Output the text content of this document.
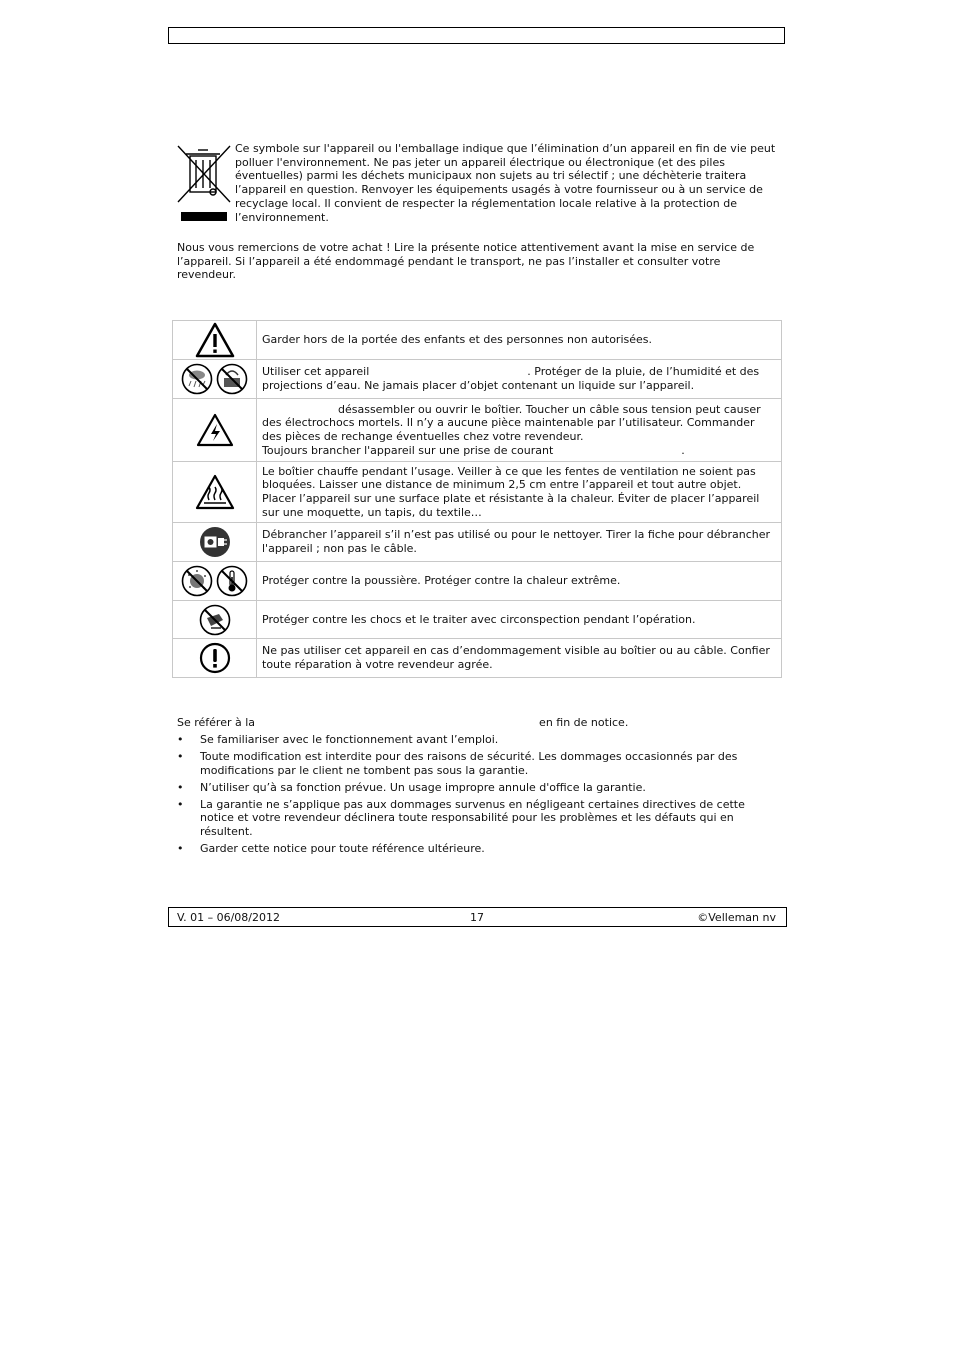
Ce symbole sur l'appareil ou l'emballage indique que l’élimination d’un appareil en fin de vie peut polluer l'environnement. Ne pas jeter un appareil électrique ou électronique (et des piles éventuelles) parmi les déchets municipaux non sujets au tri sélectif ; une déchèterie traitera l’appareil en question. Renvoyer les équipements usagés à votre fournisseur ou à un service de recyclage local. Il convient de respecter la réglementation locale relative à la protection de l’environnement.
Nous vous remercions de votre achat ! Lire la présente notice attentivement avant la mise en service de l’appareil. Si l’appareil a été endommagé pendant le transport, ne pas l’installer et consulter votre revendeur.
	Garder hors de la portée des enfants et des personnes non autorisées.
	Utiliser cet appareil . Protéger de la pluie, de l’humidité et des projections d’eau. Ne jamais placer d’objet contenant un liquide sur l’appareil.
	désassembler ou ouvrir le boîtier. Toucher un câble sous tension peut causer des électrochocs mortels. Il n’y a aucune pièce maintenable par l’utilisateur. Commander des pièces de rechange éventuelles chez votre revendeur.
Toujours brancher l'appareil sur une prise de courant .
	Le boîtier chauffe pendant l’usage. Veiller à ce que les fentes de ventilation ne soient pas bloquées. Laisser une distance de minimum 2,5 cm entre l’appareil et tout autre objet. Placer l’appareil sur une surface plate et résistante à la chaleur. Éviter de placer l’appareil sur une moquette, un tapis, du textile…
	Débrancher l’appareil s’il n’est pas utilisé ou pour le nettoyer. Tirer la fiche pour débrancher l'appareil ; non pas le câble.
	Protéger contre la poussière. Protéger contre la chaleur extrême.
	Protéger contre les chocs et le traiter avec circonspection pendant l’opération.
	Ne pas utiliser cet appareil en cas d’endommagement visible au boîtier ou au câble. Confier toute réparation à votre revendeur agrée.
Se référer à la	en fin de notice.
• Se familiariser avec le fonctionnement avant l’emploi.
• Toute modification est interdite pour des raisons de sécurité. Les dommages occasionnés par des modifications par le client ne tombent pas sous la garantie.
• N’utiliser qu’à sa fonction prévue. Un usage impropre annule d'office la garantie.
• La garantie ne s’applique pas aux dommages survenus en négligeant certaines directives de cette notice et votre revendeur déclinera toute responsabilité pour les problèmes et les défauts qui en résultent.
• Garder cette notice pour toute référence ultérieure.
V. 01 – 06/08/2012	17	©Velleman nv
